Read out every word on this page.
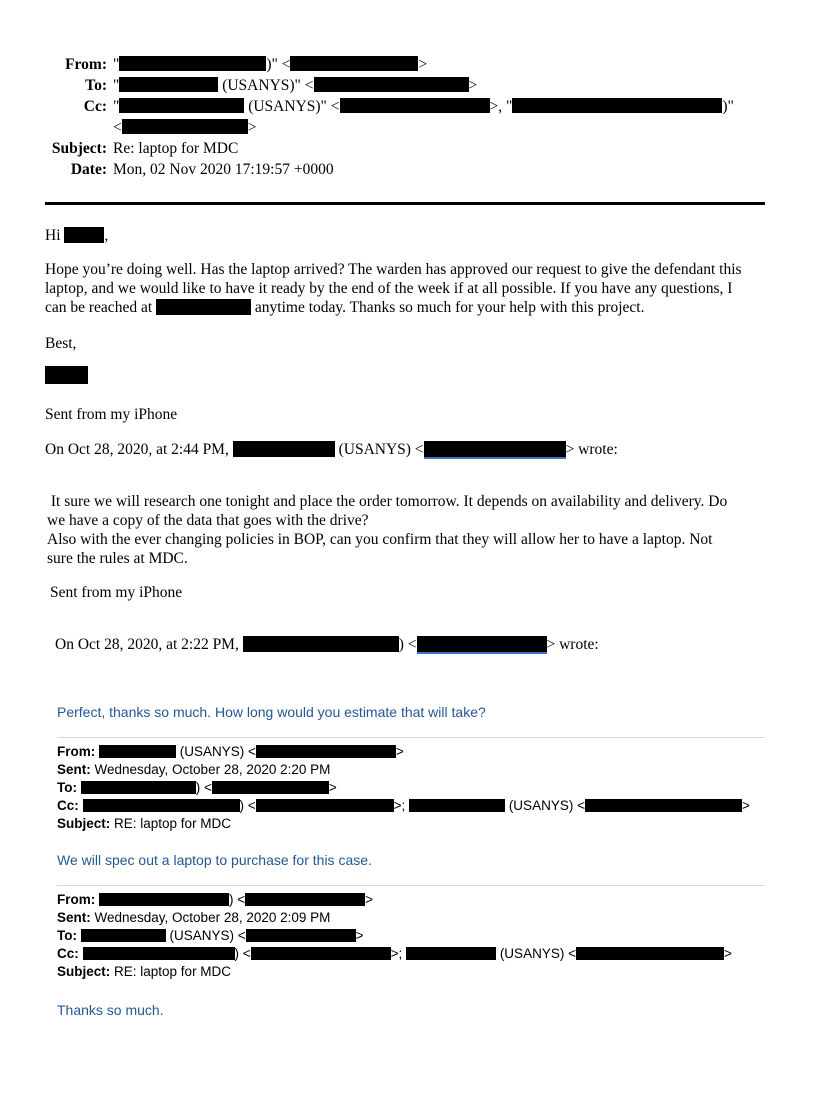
From: "	)" <	>
To: "	(USANYS)" <	>
Cc: "	(USANYS)" <	>, "	)"
<	>
Subject: Re: laptop for MDC
Date: Mon, 02 Nov 2020 17:19:57 +0000
Hi	,
Hope you’re doing well. Has the laptop arrived? The warden has approved our request to give the defendant this
laptop, and we would like to have it ready by the end of the week if at all possible. If you have any questions, I
can be reached at	anytime today. Thanks so much for your help with this project.
Best,
Sent from my iPhone
On Oct 28, 2020, at 2:44 PM,	(USANYS) <	> wrote:
It sure we will research one tonight and place the order tomorrow. It depends on availability and delivery. Do
we have a copy of the data that goes with the drive?
Also with the ever changing policies in BOP, can you confirm that they will allow her to have a laptop. Not
sure the rules at MDC.
Sent from my iPhone
On Oct 28, 2020, at 2:22 PM,	) <	> wrote:
Perfect, thanks so much. How long would you estimate that will take?
From:	(USANYS) <	>
Sent: Wednesday, October 28, 2020 2:20 PM
To:	) <	>
Cc:	) <	>;	(USANYS) <	>
Subject: RE: laptop for MDC
We will spec out a laptop to purchase for this case.
From:	) <	>
Sent: Wednesday, October 28, 2020 2:09 PM
To:	(USANYS) <	>
Cc:	) <	>;	(USANYS) <	>
Subject: RE: laptop for MDC
Thanks so much.
